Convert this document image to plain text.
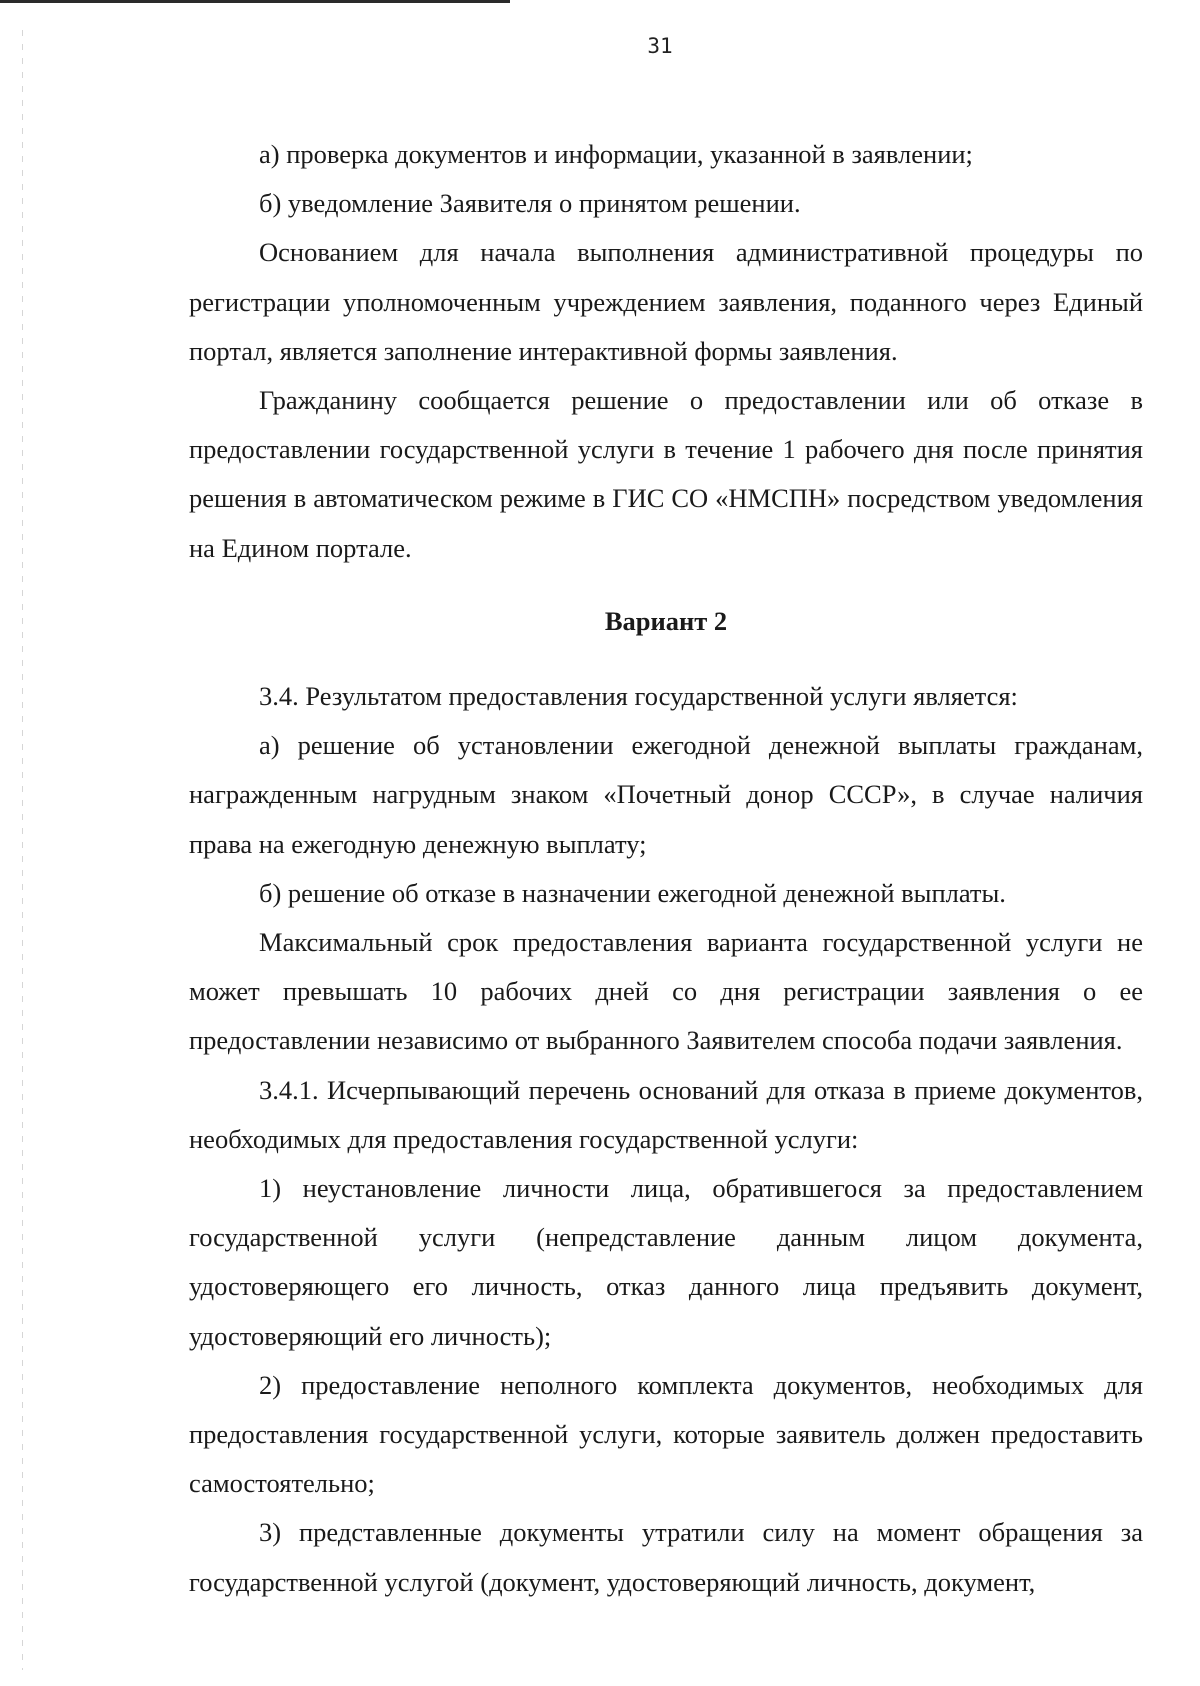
31

а) проверка документов и информации, указанной в заявлении;

б) уведомление Заявителя о принятом решении.

Основанием для начала выполнения административной процедуры по регистрации уполномоченным учреждением заявления, поданного через Единый портал, является заполнение интерактивной формы заявления.

Гражданину сообщается решение о предоставлении или об отказе в предоставлении государственной услуги в течение 1 рабочего дня после принятия решения в автоматическом режиме в ГИС СО «НМСПН» посредством уведомления на Едином портале.

Вариант 2

3.4. Результатом предоставления государственной услуги является:

а) решение об установлении ежегодной денежной выплаты гражданам, награжденным нагрудным знаком «Почетный донор СССР», в случае наличия права на ежегодную денежную выплату;

б) решение об отказе в назначении ежегодной денежной выплаты.

Максимальный срок предоставления варианта государственной услуги не может превышать 10 рабочих дней со дня регистрации заявления о ее предоставлении независимо от выбранного Заявителем способа подачи заявления.

3.4.1. Исчерпывающий перечень оснований для отказа в приеме документов, необходимых для предоставления государственной услуги:

1) неустановление личности лица, обратившегося за предоставлением государственной услуги (непредставление данным лицом документа, удостоверяющего его личность, отказ данного лица предъявить документ, удостоверяющий его личность);

2) предоставление неполного комплекта документов, необходимых для предоставления государственной услуги, которые заявитель должен предоставить самостоятельно;

3) представленные документы утратили силу на момент обращения за государственной услугой (документ, удостоверяющий личность, документ,
